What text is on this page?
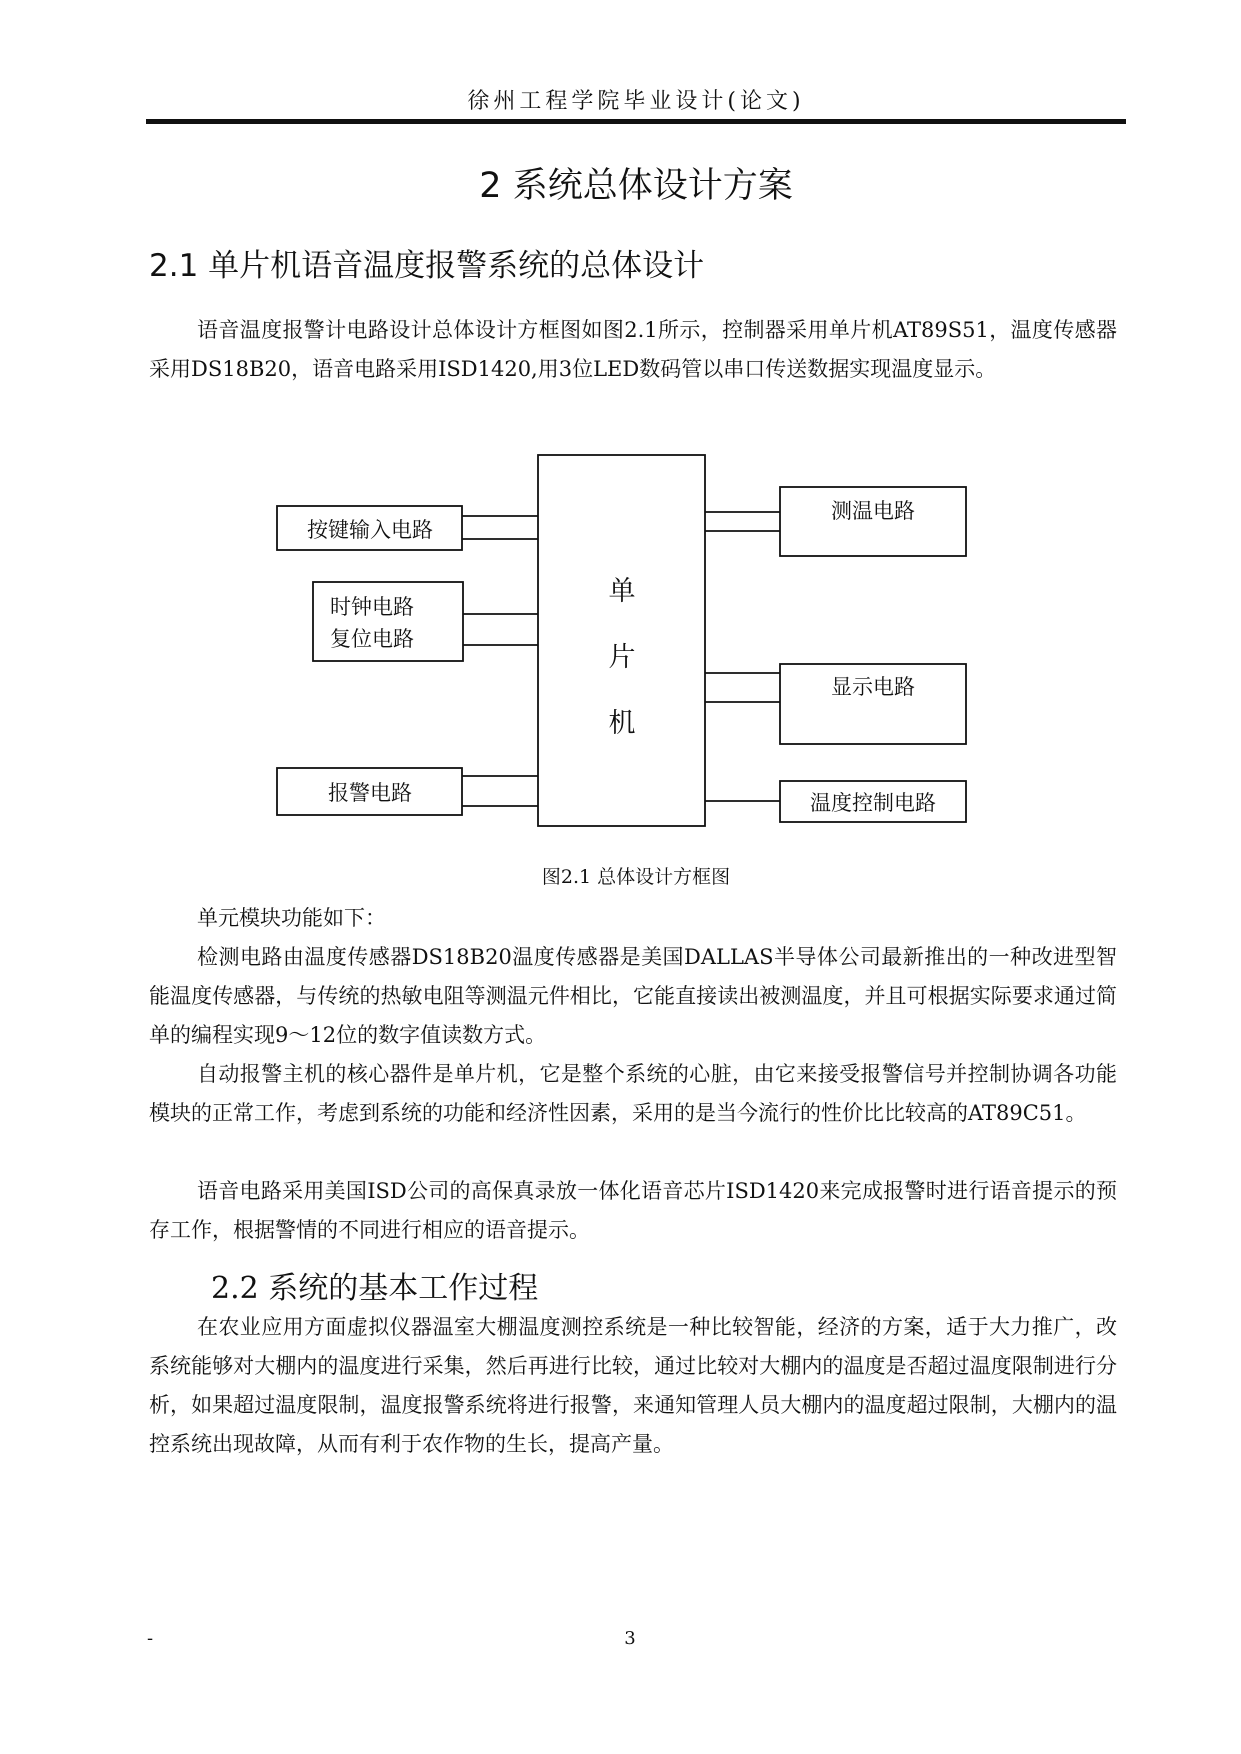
徐州工程学院毕业设计(论文)
2 系统总体设计方案
2.1 单片机语音温度报警系统的总体设计

语音温度报警计电路设计总体设计方框图如图2.1所示，控制器采用单片机AT89S51，温度传感器采用DS18B20，语音电路采用ISD1420,用3位LED数码管以串口传送数据实现温度显示。

单
片
机
按键输入电路
时钟电路
复位电路
报警电路
测温电路
显示电路
温度控制电路
图2.1 总体设计方框图

单元模块功能如下：

检测电路由温度传感器DS18B20温度传感器是美国DALLAS半导体公司最新推出的一种改进型智能温度传感器，与传统的热敏电阻等测温元件相比，它能直接读出被测温度，并且可根据实际要求通过简单的编程实现9～12位的数字值读数方式。

自动报警主机的核心器件是单片机，它是整个系统的心脏，由它来接受报警信号并控制协调各功能模块的正常工作，考虑到系统的功能和经济性因素，采用的是当今流行的性价比比较高的AT89C51。

语音电路采用美国ISD公司的高保真录放一体化语音芯片ISD1420来完成报警时进行语音提示的预存工作，根据警情的不同进行相应的语音提示。

2.2 系统的基本工作过程

在农业应用方面虚拟仪器温室大棚温度测控系统是一种比较智能，经济的方案，适于大力推广，改系统能够对大棚内的温度进行采集，然后再进行比较，通过比较对大棚内的温度是否超过温度限制进行分析，如果超过温度限制，温度报警系统将进行报警，来通知管理人员大棚内的温度超过限制，大棚内的温控系统出现故障，从而有利于农作物的生长，提高产量。

-	3
